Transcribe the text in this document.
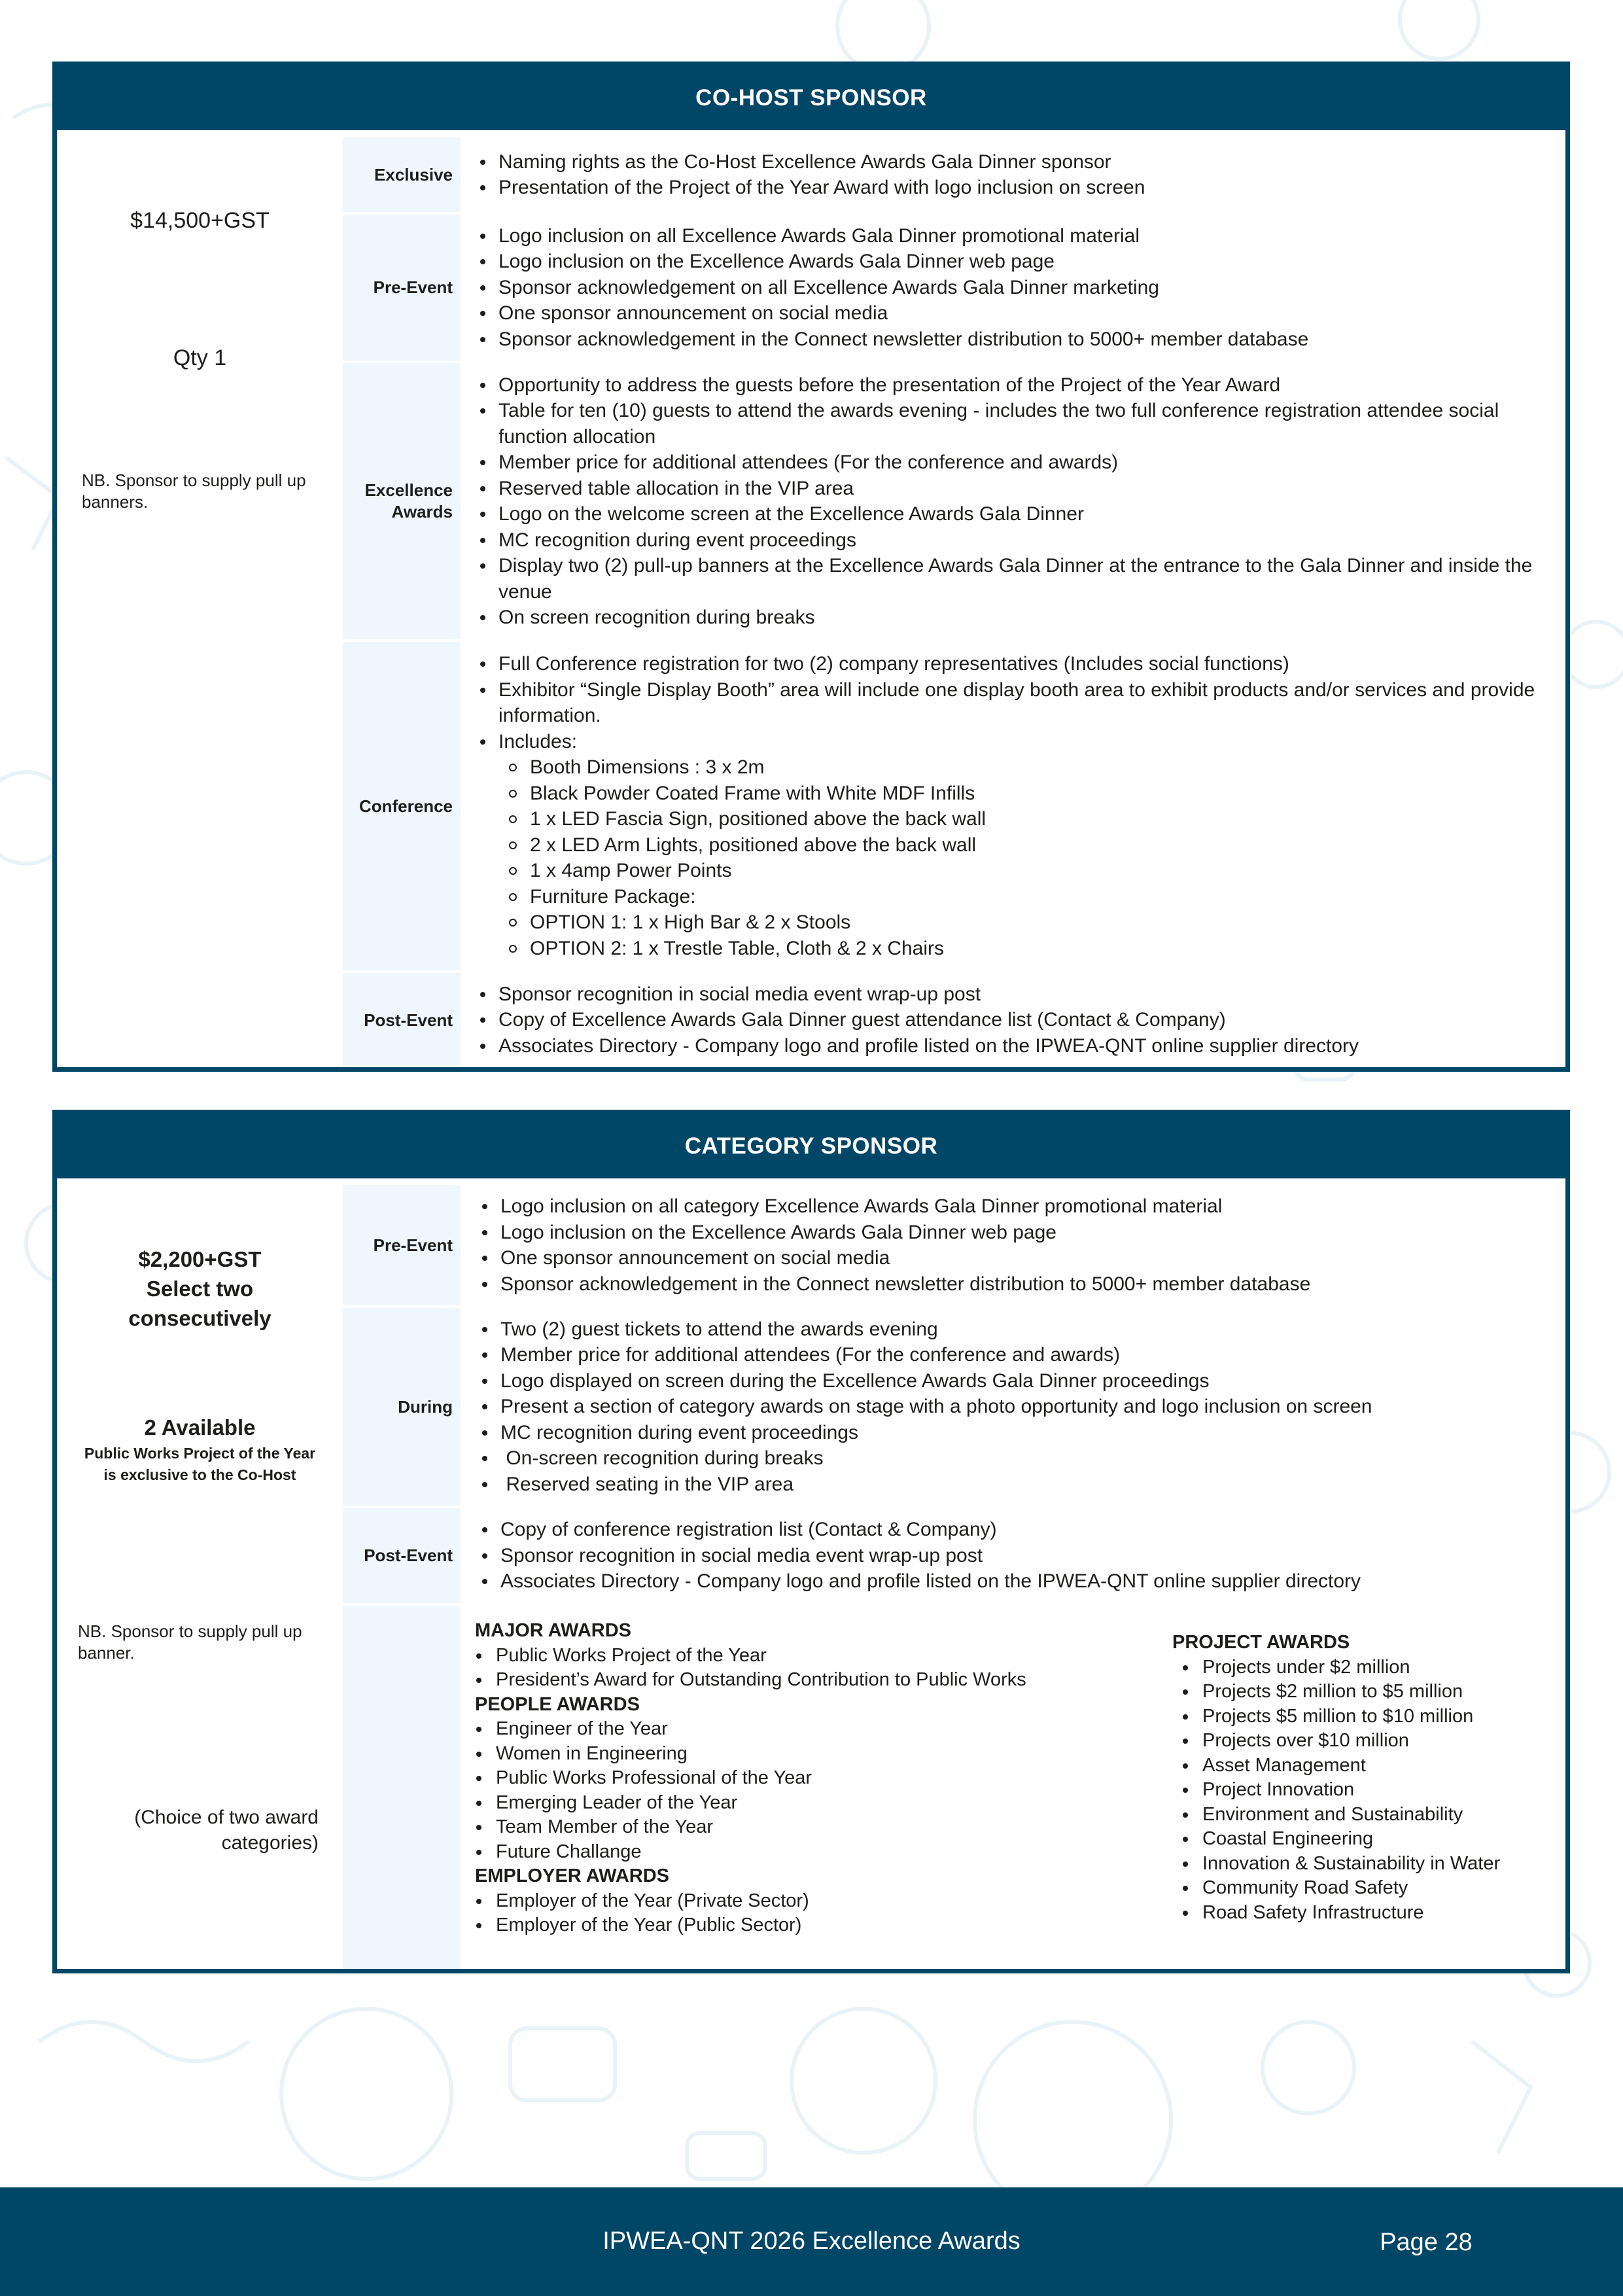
CO-HOST SPONSOR
$14,500+GST
Qty 1
NB. Sponsor to supply pull up banners.
Exclusive
Naming rights as the Co-Host Excellence Awards Gala Dinner sponsor
Presentation of the Project of the Year Award with logo inclusion on screen
Pre-Event
Logo inclusion on all Excellence Awards Gala Dinner promotional material
Logo inclusion on the Excellence Awards Gala Dinner web page
Sponsor acknowledgement on all Excellence Awards Gala Dinner marketing
One sponsor announcement on social media
Sponsor acknowledgement in the Connect newsletter distribution to 5000+ member database
Excellence Awards
Opportunity to address the guests before the presentation of the Project of the Year Award
Table for ten (10) guests to attend the awards evening - includes the two full conference registration attendee social function allocation
Member price for additional attendees (For the conference and awards)
Reserved table allocation in the VIP area
Logo on the welcome screen at the Excellence Awards Gala Dinner
MC recognition during event proceedings
Display two (2) pull-up banners at the Excellence Awards Gala Dinner at the entrance to the Gala Dinner and inside the venue
On screen recognition during breaks
Conference
Full Conference registration for two (2) company representatives (Includes social functions)
Exhibitor “Single Display Booth” area will include one display booth area to exhibit products and/or services and provide information.
Includes:
Booth Dimensions : 3 x 2m
Black Powder Coated Frame with White MDF Infills
1 x LED Fascia Sign, positioned above the back wall
2 x LED Arm Lights, positioned above the back wall
1 x 4amp Power Points
Furniture Package:
OPTION 1: 1 x High Bar & 2 x Stools
OPTION 2: 1 x Trestle Table, Cloth & 2 x Chairs
Post-Event
Sponsor recognition in social media event wrap-up post
Copy of Excellence Awards Gala Dinner guest attendance list (Contact & Company)
Associates Directory - Company logo and profile listed on the IPWEA-QNT online supplier directory
CATEGORY SPONSOR
$2,200+GST
Select two
consecutively
2 Available
Public Works Project of the Year is exclusive to the Co-Host
NB. Sponsor to supply pull up banner.
(Choice of two award categories)
Pre-Event
Logo inclusion on all category Excellence Awards Gala Dinner promotional material
Logo inclusion on the Excellence Awards Gala Dinner web page
One sponsor announcement on social media
Sponsor acknowledgement in the Connect newsletter distribution to 5000+ member database
During
Two (2) guest tickets to attend the awards evening
Member price for additional attendees (For the conference and awards)
Logo displayed on screen during the Excellence Awards Gala Dinner proceedings
Present a section of category awards on stage with a photo opportunity and logo inclusion on screen
MC recognition during event proceedings
On-screen recognition during breaks
Reserved seating in the VIP area
Post-Event
Copy of conference registration list (Contact & Company)
Sponsor recognition in social media event wrap-up post
Associates Directory - Company logo and profile listed on the IPWEA-QNT online supplier directory
MAJOR AWARDS
Public Works Project of the Year
President’s Award for Outstanding Contribution to Public Works
PEOPLE AWARDS
Engineer of the Year
Women in Engineering
Public Works Professional of the Year
Emerging Leader of the Year
Team Member of the Year
Future Challange
EMPLOYER AWARDS
Employer of the Year (Private Sector)
Employer of the Year (Public Sector)
PROJECT AWARDS
Projects under $2 million
Projects $2 million to $5 million
Projects $5 million to $10 million
Projects over $10 million
Asset Management
Project Innovation
Environment and Sustainability
Coastal Engineering
Innovation & Sustainability in Water
Community Road Safety
Road Safety Infrastructure
IPWEA-QNT 2026 Excellence Awards	Page 28
